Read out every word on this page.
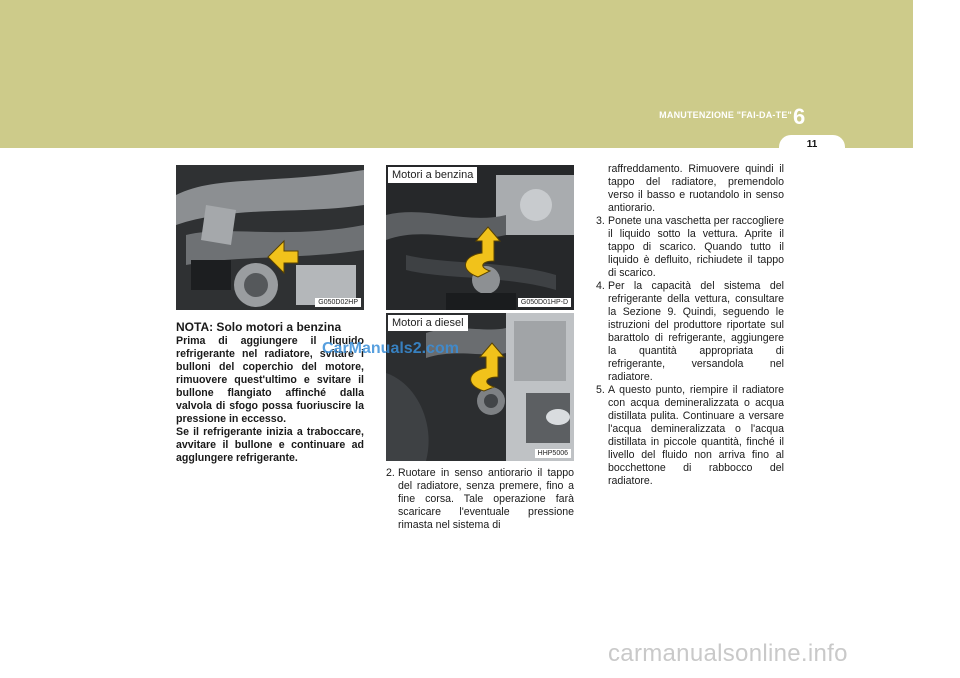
MANUTENZIONE "FAI-DA-TE" 6
11
G050D02HP
Motori a benzina
G050D01HP-D
Motori a diesel
HHP5006
NOTA: Solo motori a benzina
Prima di aggiungere il liquido refrigerante nel radiatore, svitare i bulloni del coperchio del motore, rimuovere quest'ultimo e svitare il bullone flangiato affinché dalla valvola di sfogo possa fuoriuscire la pressione in eccesso.
Se il refrigerante inizia a traboccare, avvitare il bullone e continuare ad agglungere refrigerante.
CarManuals2.com
2. Ruotare in senso antiorario il tappo del radiatore, senza premere, fino a fine corsa. Tale operazione farà scaricare l'eventuale pressione rimasta nel sistema di
raffreddamento. Rimuovere quindi il tappo del radiatore, premendolo verso il basso e ruotandolo in senso antiorario.
3. Ponete una vaschetta per raccogliere il liquido sotto la vettura. Aprite il tappo di scarico. Quando tutto il liquido è defluito, richiudete il tappo di scarico.
4. Per la capacità del sistema del refrigerante della vettura, consultare la Sezione 9. Quindi, seguendo le istruzioni del produttore riportate sul barattolo di refrigerante, aggiungere la quantità appropriata di refrigerante, versandola nel radiatore.
5. A questo punto, riempire il radiatore con acqua demineralizzata o acqua distillata pulita. Continuare a versare l'acqua demineralizzata o l'acqua distillata in piccole quantità, finché il livello del fluido non arriva fino al bocchettone di rabbocco del radiatore.
carmanualsonline.info
